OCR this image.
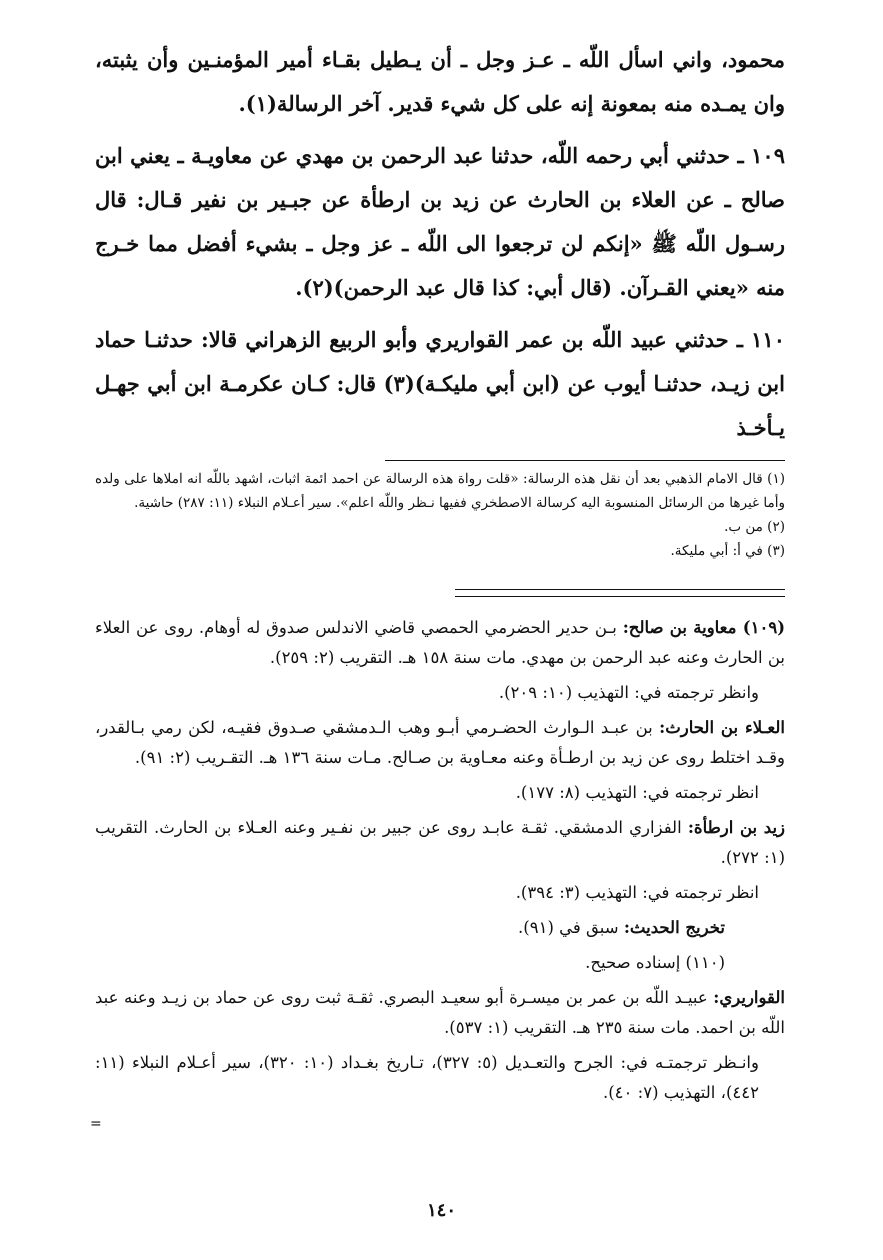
محمود، واني اسأل اللّه ـ عـز وجل ـ أن يـطيل بقـاء أمير المؤمنـين وأن يثبته، وان يمـده منه بمعونة إنه على كل شيء قدير. آخر الرسالة(١).

١٠٩ ـ حدثني أبي رحمه اللّه، حدثنا عبد الرحمن بن مهدي عن معاويـة ـ يعني ابن صالح ـ عن العلاء بن الحارث عن زيد بن ارطأة عن جبـير بن نفير قـال: قال رسـول اللّه ﷺ «إنكم لن ترجعوا الى اللّه ـ عز وجل ـ بشيء أفضل مما خـرج منه «يعني القـرآن. (قال أبي: كذا قال عبد الرحمن)(٢).

١١٠ ـ حدثني عبيد اللّه بن عمر القواريري وأبو الربيع الزهراني قالا: حدثنـا حماد ابن زيـد، حدثنـا أيوب عن (ابن أبي مليكـة)(٣) قال: كـان عكرمـة ابن أبي جهـل يـأخـذ

(١) قال الامام الذهبي بعد أن نقل هذه الرسالة: «قلت رواة هذه الرسالة عن احمد ائمة اثبات، اشهد باللّه انه املاها على ولده وأما غيرها من الرسائل المنسوبة اليه كرسالة الاصطخري ففيها نـظر واللّه اعلم». سير أعـلام النبلاء (١١: ٢٨٧) حاشية.

(٢) من ب.

(٣) في أ: أبي مليكة.

(١٠٩) معاوية بن صالح: بـن حدير الحضرمي الحمصي قاضي الاندلس صدوق له أوهام. روى عن العلاء بن الحارث وعنه عبد الرحمن بن مهدي. مات سنة ١٥٨ هـ. التقريب (٢: ٢٥٩).

وانظر ترجمته في: التهذيب (١٠: ٢٠٩).

العـلاء بن الحارث: بن عبـد الـوارث الحضـرمي أبـو وهب الـدمشقي صـدوق فقيـه، لكن رمي بـالقدر، وقـد اختلط روى عن زيد بن ارطـأة وعنه معـاوية بن صـالح. مـات سنة ١٣٦ هـ. التقـريب (٢: ٩١).

انظر ترجمته في: التهذيب (٨: ١٧٧).

زيد بن ارطأة: الفزاري الدمشقي. ثقـة عابـد روى عن جبير بن نفـير وعنه العـلاء بن الحارث. التقريب (١: ٢٧٢).

انظر ترجمته في: التهذيب (٣: ٣٩٤).

تخريج الحديث: سبق في (٩١).

(١١٠) إسناده صحيح.

القواريري: عبيـد اللّه بن عمر بن ميسـرة أبو سعيـد البصري. ثقـة ثبت روى عن حماد بن زيـد وعنه عبد اللّه بن احمد. مات سنة ٢٣٥ هـ. التقريب (١: ٥٣٧).

وانـظر ترجمتـه في: الجرح والتعـديل (٥: ٣٢٧)، تـاريخ بغـداد (١٠: ٣٢٠)، سير أعـلام النبلاء (١١: ٤٤٢)، التهذيب (٧: ٤٠).

=
١٤٠
